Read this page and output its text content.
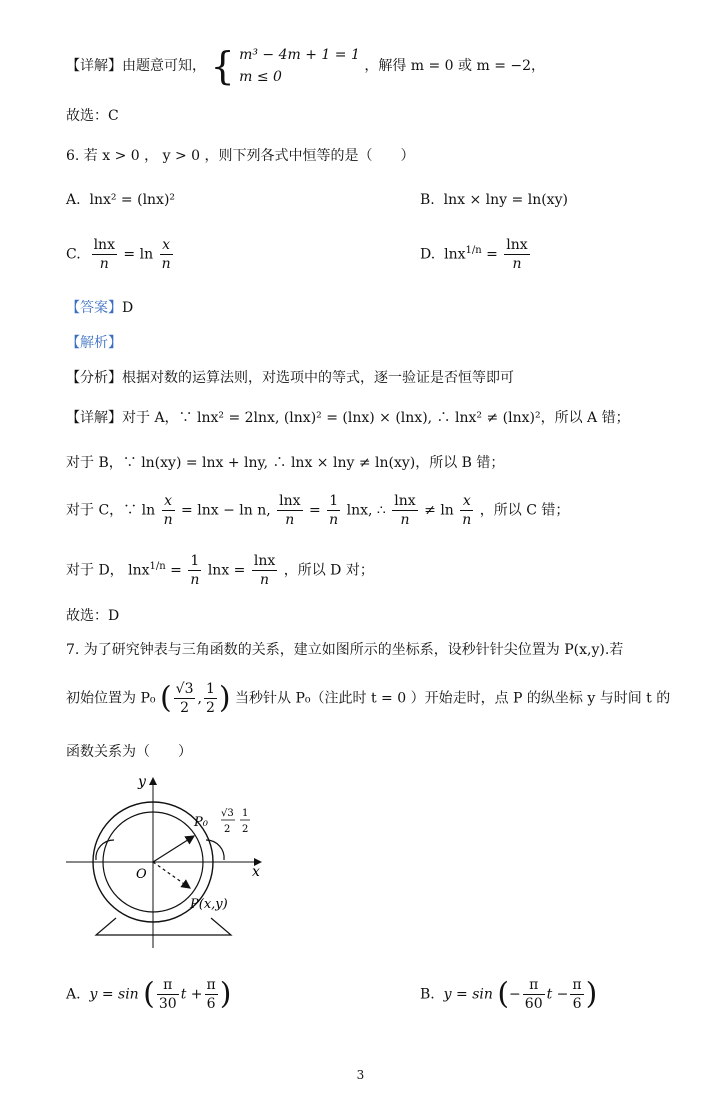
【详解】由题意可知， { m³ − 4m + 1 = 1
m ≤ 0 ，解得 m = 0 或 m = −2，
故选：C
6. 若 x > 0 ， y > 0 ，则下列各式中恒等的是（　　）
A. lnx² = (lnx)²	B. lnx × lny = ln(xy)
C. $\frac{\ln x}{n} = \ln \frac{x}{n}$	D. $\ln x^{1/n} = \frac{\ln x}{n}$
【答案】D
【解析】
【分析】根据对数的运算法则，对选项中的等式，逐一验证是否恒等即可
【详解】对于 A，∵ lnx² = 2lnx, (lnx)² = (lnx) × (lnx), ∴ lnx² ≠ (lnx)²，所以 A 错；
对于 B，∵ ln(xy) = lnx + lny, ∴ lnx × lny ≠ ln(xy)，所以 B 错；
对于 C，∵ $\ln \frac{x}{n} = \ln x - \ln n$, $\frac{\ln x}{n} = \frac{1}{n} \ln x$, ∴ $\frac{\ln x}{n} \ne \ln \frac{x}{n}$ ，所以 C 错；
对于 D， $\ln x^{1/n} = \frac{1}{n}$ $\ln x = \frac{\ln x}{n}$ ，所以 D 对；
故选：D
7. 为了研究钟表与三角函数的关系，建立如图所示的坐标系，设秒针针尖位置为 P(x,y).若
初始位置为 P₀ ( $\frac{√3}{2}$ , $\frac{1}{2}$ ) 当秒针从 P₀（注此时 t = 0 ）开始走时，点 P 的纵坐标 y 与时间 t 的
函数关系为（　　）
y
x
O
P₀
√3
2
1
2
P(x,y)
A. y = sin ( $\frac{\pi}{30}$ $t + \frac{\pi}{6}$ )	B. y = sin (− $\frac{\pi}{60}$ $t - \frac{\pi}{6}$ )
3
